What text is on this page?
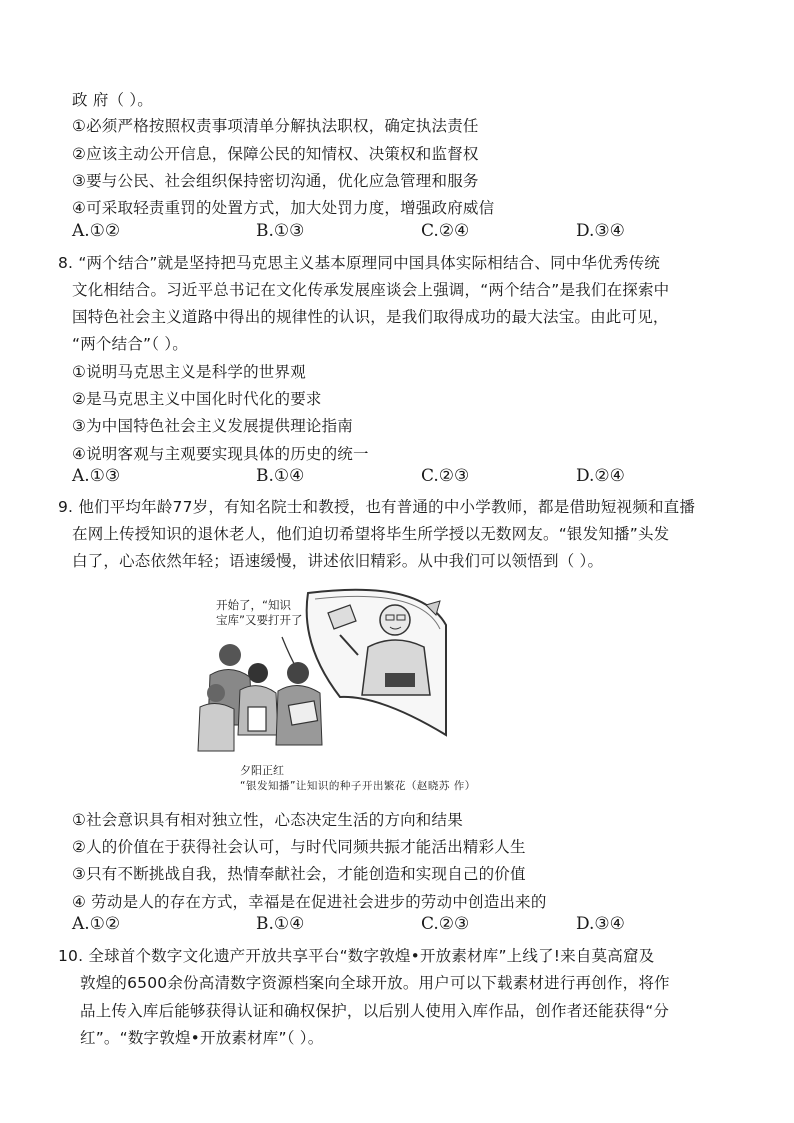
政 府（ ）。
①必须严格按照权责事项清单分解执法职权，确定执法责任
②应该主动公开信息，保障公民的知情权、决策权和监督权
③要与公民、社会组织保持密切沟通，优化应急管理和服务
④可采取轻责重罚的处置方式，加大处罚力度，增强政府威信
A.①②	B.①③	C.②④	D.③④
8. “两个结合”就是坚持把马克思主义基本原理同中国具体实际相结合、同中华优秀传统
文化相结合。习近平总书记在文化传承发展座谈会上强调，“两个结合”是我们在探索中
国特色社会主义道路中得出的规律性的认识，是我们取得成功的最大法宝。由此可见，
“两个结合”（ ）。
①说明马克思主义是科学的世界观
②是马克思主义中国化时代化的要求
③为中国特色社会主义发展提供理论指南
④说明客观与主观要实现具体的历史的统一
A.①③	B.①④	C.②③	D.②④
9. 他们平均年龄77岁，有知名院士和教授，也有普通的中小学教师，都是借助短视频和直播
在网上传授知识的退休老人，他们迫切希望将毕生所学授以无数网友。“银发知播”头发
白了，心态依然年轻；语速缓慢，讲述依旧精彩。从中我们可以领悟到（ ）。
开始了，“知识
宝库”又要打开了
夕阳正红
“银发知播”让知识的种子开出繁花（赵晓苏 作）
①社会意识具有相对独立性，心态决定生活的方向和结果
②人的价值在于获得社会认可，与时代同频共振才能活出精彩人生
③只有不断挑战自我，热情奉献社会，才能创造和实现自己的价值
④ 劳动是人的存在方式，幸福是在促进社会进步的劳动中创造出来的
A.①②	B.①④	C.②③	D.③④
10. 全球首个数字文化遗产开放共享平台“数字敦煌•开放素材库”上线了!来自莫高窟及
敦煌的6500余份高清数字资源档案向全球开放。用户可以下载素材进行再创作，将作
品上传入库后能够获得认证和确权保护，以后别人使用入库作品，创作者还能获得“分
红”。“数字敦煌•开放素材库”（ ）。
